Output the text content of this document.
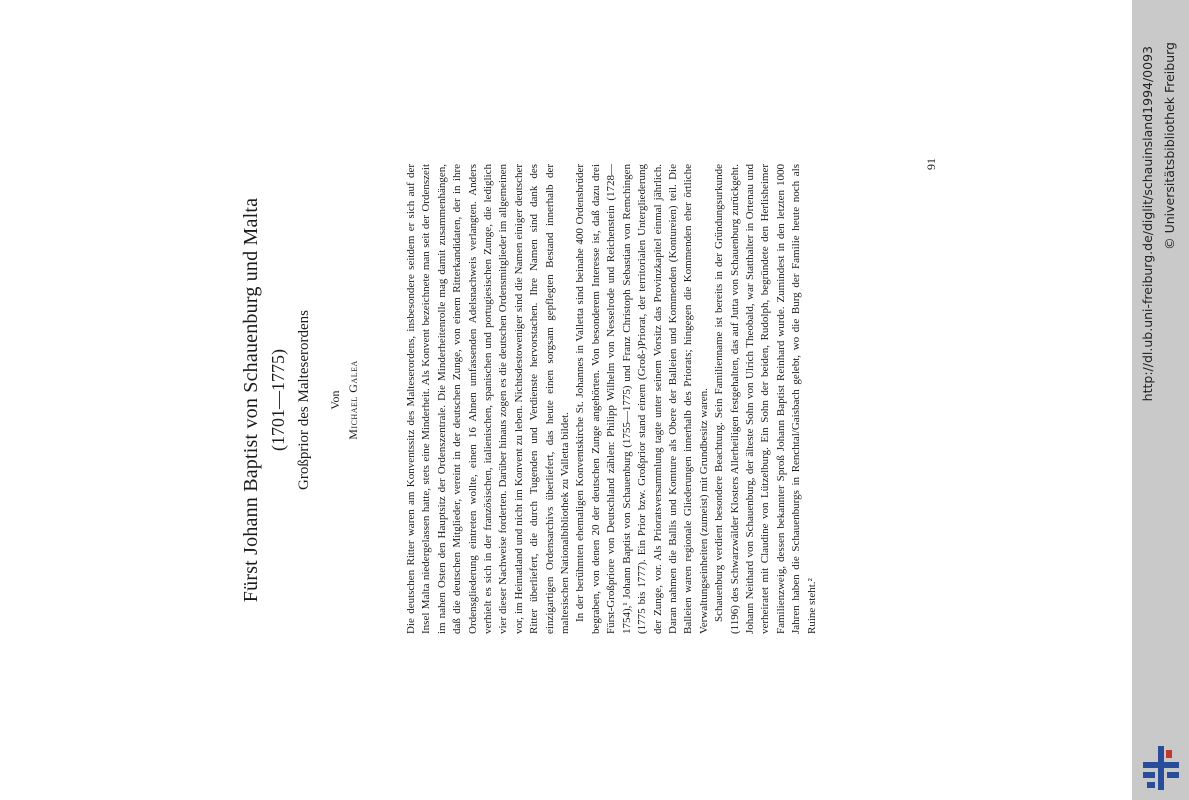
Fürst Johann Baptist von Schauenburg und Malta (1701—1775) Großprior des Malteserordens Von Michael Galea	Die deutschen Ritter waren am Konventssitz des Malteserordens, insbesondere seitdem er sich auf der Insel Malta niedergelassen hatte, stets eine Minderheit. Als Konvent bezeichnete man seit der Ordenszeit im nahen Osten den Hauptsitz der Ordenszentrale. Die Minderheitenrolle mag damit zusammenhängen, daß die deutschen Mitglieder, vereint in der deutschen Zunge, von einem Ritterkandidaten, der in ihre Ordensgliederung eintreten wollte, einen 16 Ahnen umfassenden Adelsnachweis verlangten. Anders verhielt es sich in der französischen, italienischen, spanischen und portugiesischen Zunge, die lediglich vier dieser Nachweise forderten. Darüber hinaus zogen es die deutschen Ordensmitglieder im allgemeinen vor, im Heimatland und nicht im Konvent zu leben. Nichtsdestoweniger sind die Namen einiger deutscher Ritter überliefert, die durch Tugenden und Verdienste hervorstachen. Ihre Namen sind dank des einzigartigen Ordensarchivs überliefert, das heute einen sorgsam gepflegten Bestand innerhalb der maltesischen Nationalbibliothek zu Valletta bildet. In der berühmten ehemaligen Konventskirche St. Johannes in Valletta sind beinahe 400 Ordensbrüder begraben, von denen 20 der deutschen Zunge angehörten. Von besonderem Interesse ist, daß dazu drei Fürst-Großpriore von Deutschland zählen: Philipp Wilhelm von Nesselrode und Reichenstein (1728—1754),¹ Johann Baptist von Schauenburg (1755—1775) und Franz Christoph Sebastian von Remchingen (1775 bis 1777). Ein Prior bzw. Großprior stand einem (Groß-)Priorat, der territorialen Untergliederung der Zunge, vor. Als Prioratsversammlung tagte unter seinem Vorsitz das Provinzkapitel einmal jährlich. Daran nahmen die Ballis und Komture als Obere der Balleien und Kommenden (Kontureien) teil. Die Balleien waren regionale Gliederungen innerhalb des Priorats; hingegen die Kommenden eher örtliche Verwaltungseinheiten (zumeist) mit Grundbesitz waren. Schauenburg verdient besondere Beachtung. Sein Familienname ist bereits in der Gründungsurkunde (1196) des Schwarzwälder Klosters Allerheiligen festgehalten, das auf Jutta von Schauenburg zurückgeht. Johann Neithard von Schauenburg, der älteste Sohn von Ulrich Theobald, war Statthalter in Ortenau und verheiratet mit Claudine von Lützelburg. Ein Sohn der beiden, Rudolph, begründete den Herlisheimer Familienzweig, dessen bekannter Sproß Johann Baptist Reinhard wurde. Zumindest in den letzten 1000 Jahren haben die Schauenburgs in Renchtal/Gaisbach gelebt, wo die Burg der Familie heute noch als Ruine steht.²

91	http://dl.ub.uni-freiburg.de/diglit/schauinsland1994/0093 © Universitätsbibliothek Freiburg
